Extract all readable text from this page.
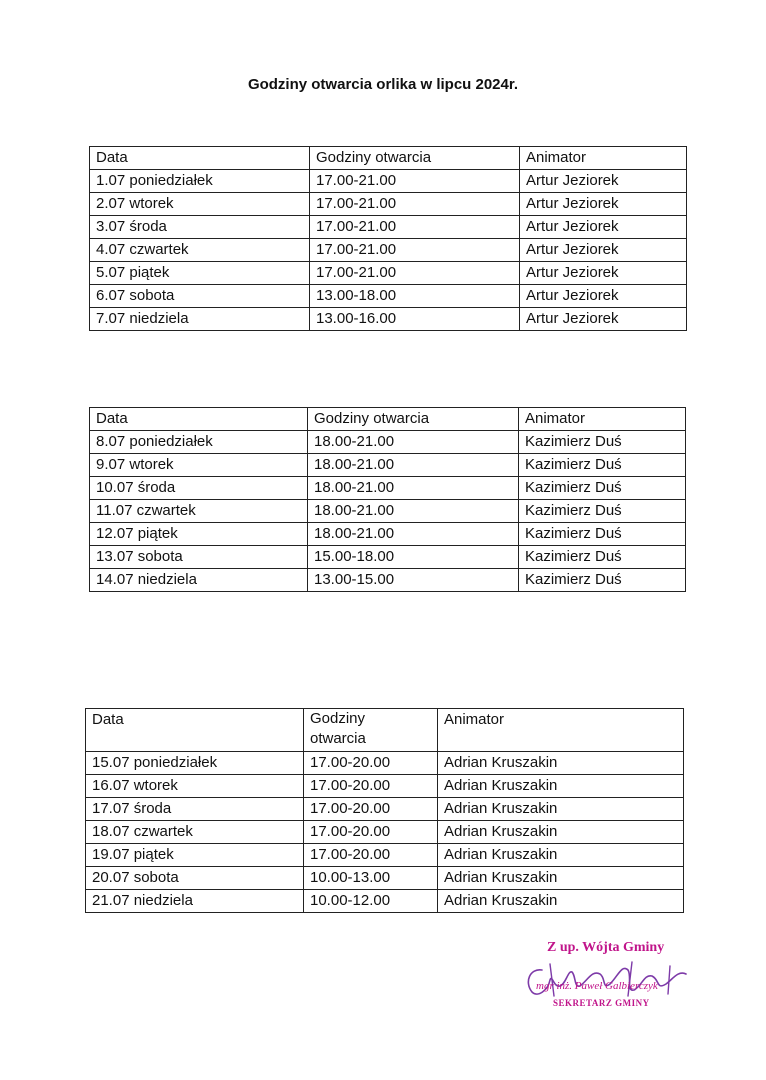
Godziny otwarcia orlika w lipcu 2024r.
Data	Godziny otwarcia	Animator
1.07 poniedziałek	17.00-21.00	Artur Jeziorek
2.07 wtorek	17.00-21.00	Artur Jeziorek
3.07 środa	17.00-21.00	Artur Jeziorek
4.07 czwartek	17.00-21.00	Artur Jeziorek
5.07 piątek	17.00-21.00	Artur Jeziorek
6.07 sobota	13.00-18.00	Artur Jeziorek
7.07 niedziela	13.00-16.00	Artur Jeziorek
Data	Godziny otwarcia	Animator
8.07 poniedziałek	18.00-21.00	Kazimierz Duś
9.07 wtorek	18.00-21.00	Kazimierz Duś
10.07 środa	18.00-21.00	Kazimierz Duś
11.07 czwartek	18.00-21.00	Kazimierz Duś
12.07 piątek	18.00-21.00	Kazimierz Duś
13.07 sobota	15.00-18.00	Kazimierz Duś
14.07 niedziela	13.00-15.00	Kazimierz Duś
Data	Godziny otwarcia	Animator
15.07 poniedziałek	17.00-20.00	Adrian Kruszakin
16.07 wtorek	17.00-20.00	Adrian Kruszakin
17.07 środa	17.00-20.00	Adrian Kruszakin
18.07 czwartek	17.00-20.00	Adrian Kruszakin
19.07 piątek	17.00-20.00	Adrian Kruszakin
20.07 sobota	10.00-13.00	Adrian Kruszakin
21.07 niedziela	10.00-12.00	Adrian Kruszakin
Z up. Wójta Gminy
mgr inż. Paweł Galbierczyk
SEKRETARZ GMINY
